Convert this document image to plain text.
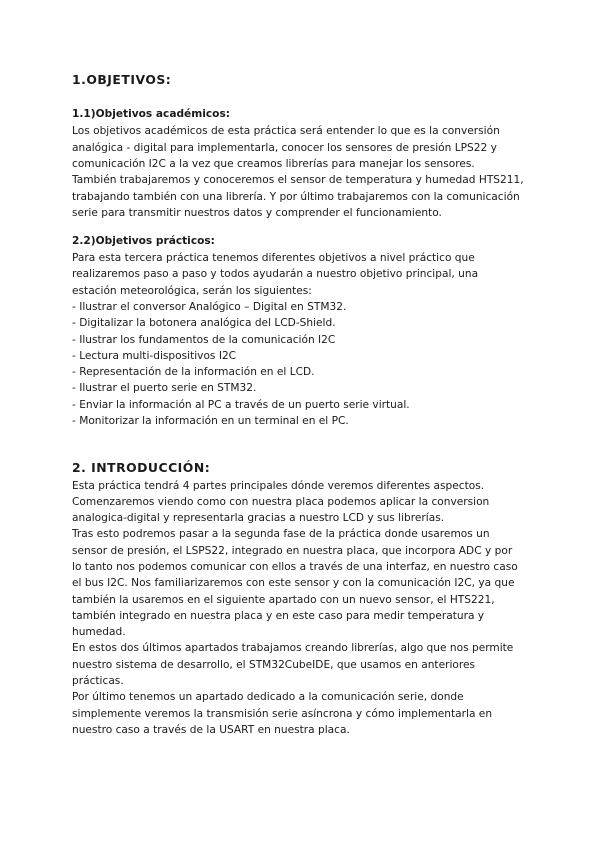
1.OBJETIVOS:
1.1)Objetivos académicos:
Los objetivos académicos de esta práctica será entender lo que es la conversión
analógica - digital para implementarla, conocer los sensores de presión LPS22 y
comunicación I2C a la vez que creamos librerías para manejar los sensores.
También trabajaremos y conoceremos el sensor de temperatura y humedad HTS211,
trabajando también con una librería. Y por último trabajaremos con la comunicación
serie para transmitir nuestros datos y comprender el funcionamiento.
2.2)Objetivos prácticos:
Para esta tercera práctica tenemos diferentes objetivos a nivel práctico que
realizaremos paso a paso y todos ayudarán a nuestro objetivo principal, una
estación meteorológica, serán los siguientes:
- Ilustrar el conversor Analógico – Digital en STM32.
- Digitalizar la botonera analógica del LCD-Shield.
- Ilustrar los fundamentos de la comunicación I2C
- Lectura multi-dispositivos I2C
- Representación de la información en el LCD.
- Ilustrar el puerto serie en STM32.
- Enviar la información al PC a través de un puerto serie virtual.
- Monitorizar la información en un terminal en el PC.
2. INTRODUCCIÓN:
Esta práctica tendrá 4 partes principales dónde veremos diferentes aspectos.
Comenzaremos viendo como con nuestra placa podemos aplicar la conversion
analogica-digital y representarla gracias a nuestro LCD y sus librerías.
Tras esto podremos pasar a la segunda fase de la práctica donde usaremos un
sensor de presión, el LSPS22, integrado en nuestra placa, que incorpora ADC y por
lo tanto nos podemos comunicar con ellos a través de una interfaz, en nuestro caso
el bus I2C. Nos familiarizaremos con este sensor y con la comunicación I2C, ya que
también la usaremos en el siguiente apartado con un nuevo sensor, el HTS221,
también integrado en nuestra placa y en este caso para medir temperatura y
humedad.
En estos dos últimos apartados trabajamos creando librerías, algo que nos permite
nuestro sistema de desarrollo, el STM32CubeIDE, que usamos en anteriores
prácticas.
Por último tenemos un apartado dedicado a la comunicación serie, donde
simplemente veremos la transmisión serie asíncrona y cómo implementarla en
nuestro caso a través de la USART en nuestra placa.
